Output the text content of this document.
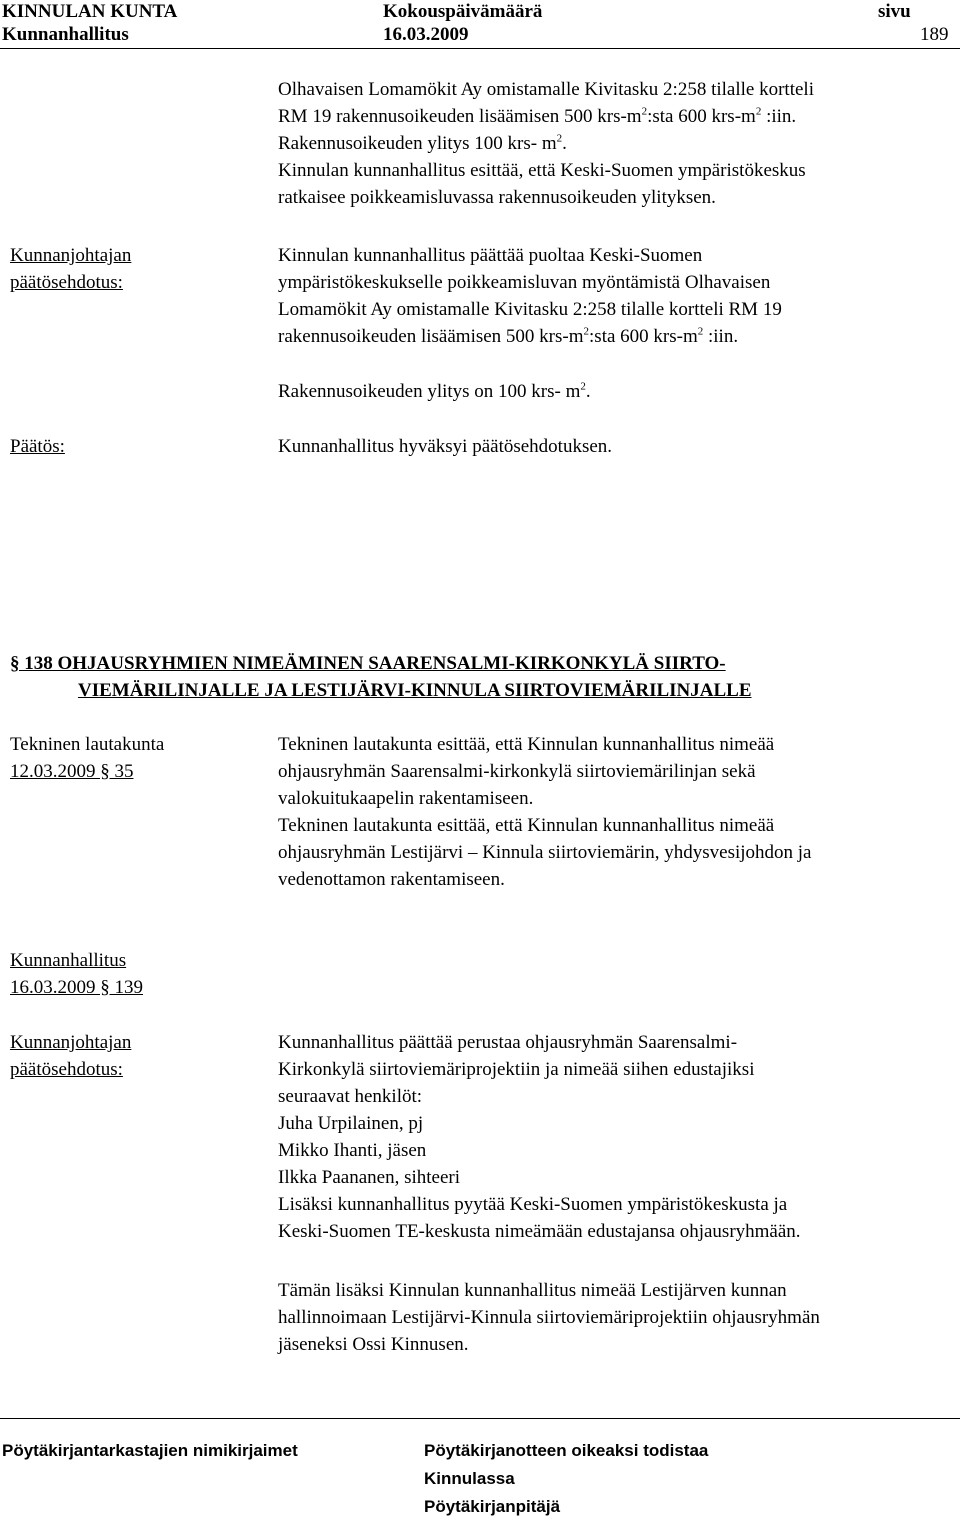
KINNULAN KUNTA	Kokouspäivämäärä	sivu
Kunnanhallitus	16.03.2009	189

Olhavaisen Lomamökit Ay omistamalle Kivitasku 2:258 tilalle kortteli

RM 19 rakennusoikeuden lisäämisen 500 krs-$m^2:sta$ 600 krs-$m^2$ :iin.

Rakennusoikeuden ylitys 100 krs- $m^2$.

Kinnulan kunnanhallitus esittää, että Keski-Suomen ympäristökeskus

ratkaisee poikkeamisluvassa rakennusoikeuden ylityksen.

Kunnanjohtajan
päätösehdotus:

Kinnulan kunnanhallitus päättää puoltaa Keski-Suomen

ympäristökeskukselle poikkeamisluvan myöntämistä Olhavaisen

Lomamökit Ay omistamalle Kivitasku 2:258 tilalle kortteli RM 19

rakennusoikeuden lisäämisen 500 krs-$m^2:sta$ 600 krs-$m^2$ :iin.

Rakennusoikeuden ylitys on 100 krs- $m^2$.
Päätös:	Kunnanhallitus hyväksyi päätösehdotuksen.
§ 138 OHJAUSRYHMIEN NIMEÄMINEN SAARENSALMI-KIRKONKYLÄ SIIRTO-
VIEMÄRILINJALLE JA LESTIJÄRVI-KINNULA SIIRTOVIEMÄRILINJALLE
Tekninen lautakunta
12.03.2009 § 35

Tekninen lautakunta esittää, että Kinnulan kunnanhallitus nimeää

ohjausryhmän Saarensalmi-kirkonkylä siirtoviemärilinjan sekä

valokuitukaapelin rakentamiseen.

Tekninen lautakunta esittää, että Kinnulan kunnanhallitus nimeää

ohjausryhmän Lestijärvi – Kinnula siirtoviemärin, yhdysvesijohdon ja

vedenottamon rakentamiseen.

Kunnanhallitus
16.03.2009 § 139
Kunnanjohtajan
päätösehdotus:

Kunnanhallitus päättää perustaa ohjausryhmän Saarensalmi-

Kirkonkylä siirtoviemäriprojektiin ja nimeää siihen edustajiksi

seuraavat henkilöt:

Juha Urpilainen, pj

Mikko Ihanti, jäsen

Ilkka Paananen, sihteeri

Lisäksi kunnanhallitus pyytää Keski-Suomen ympäristökeskusta ja

Keski-Suomen TE-keskusta nimeämään edustajansa ohjausryhmään.

Tämän lisäksi Kinnulan kunnanhallitus nimeää Lestijärven kunnan

hallinnoimaan Lestijärvi-Kinnula siirtoviemäriprojektiin ohjausryhmän

jäseneksi Ossi Kinnusen.

Pöytäkirjantarkastajien nimikirjaimet	Pöytäkirjanotteen oikeaksi todistaa
Kinnulassa
Pöytäkirjanpitäjä
